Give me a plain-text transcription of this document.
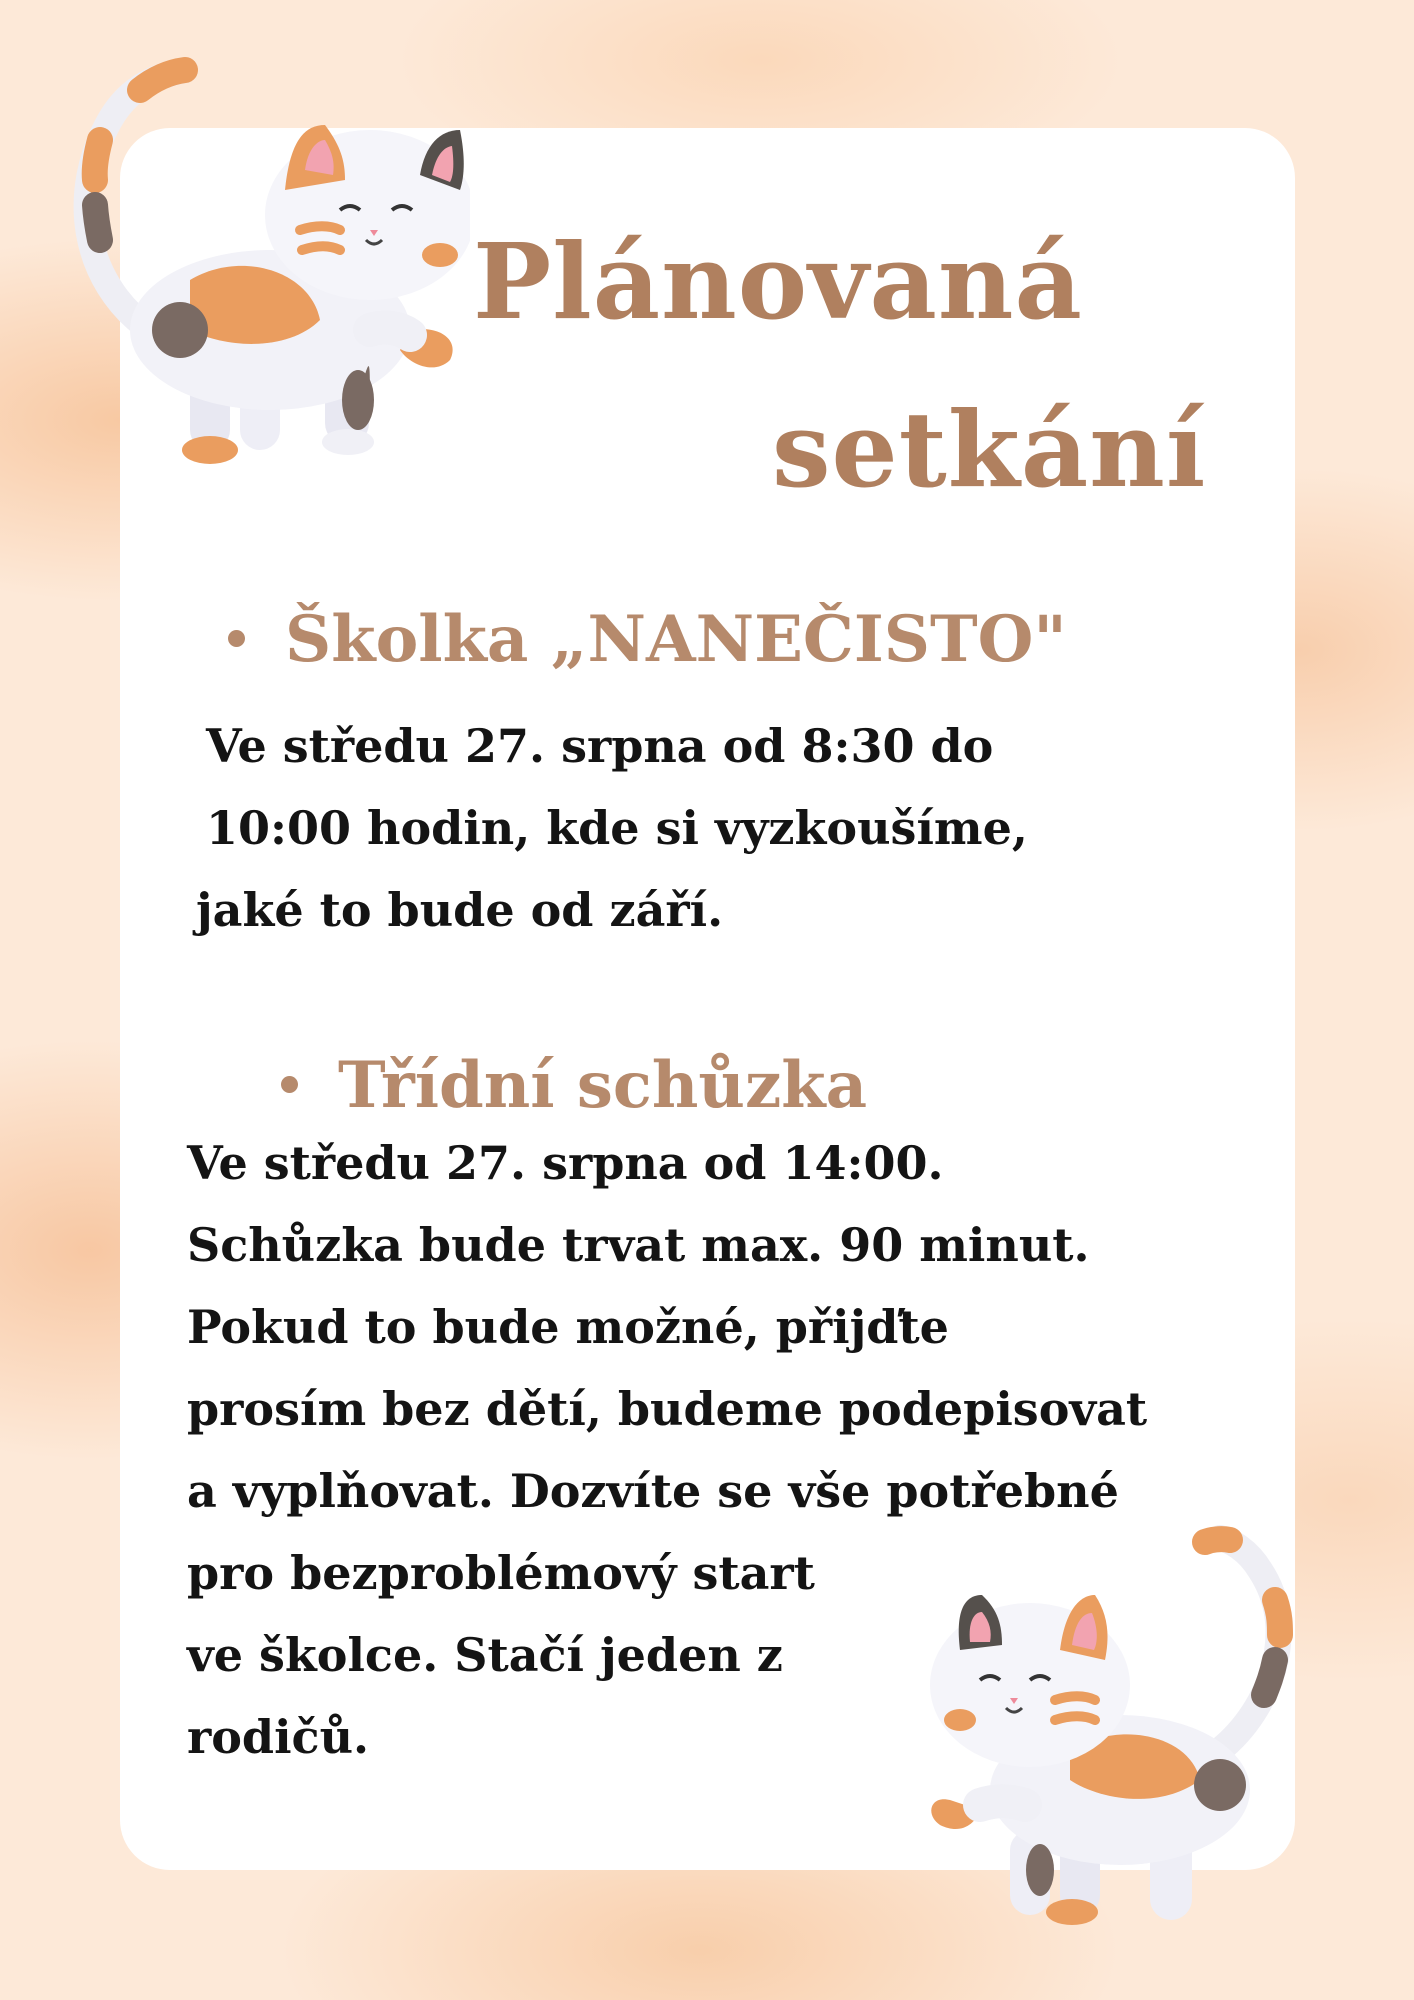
Plánovaná
setkání
Školka „NANEČISTO"
Ve středu 27. srpna od 8:30 do
10:00 hodin, kde si vyzkoušíme,
jaké to bude od září.
Třídní schůzka
Ve středu 27. srpna od 14:00.
Schůzka bude trvat max. 90 minut.
Pokud to bude možné, přijďte
prosím bez dětí, budeme podepisovat
a vyplňovat. Dozvíte se vše potřebné
pro bezproblémový start
ve školce. Stačí jeden z
rodičů.
